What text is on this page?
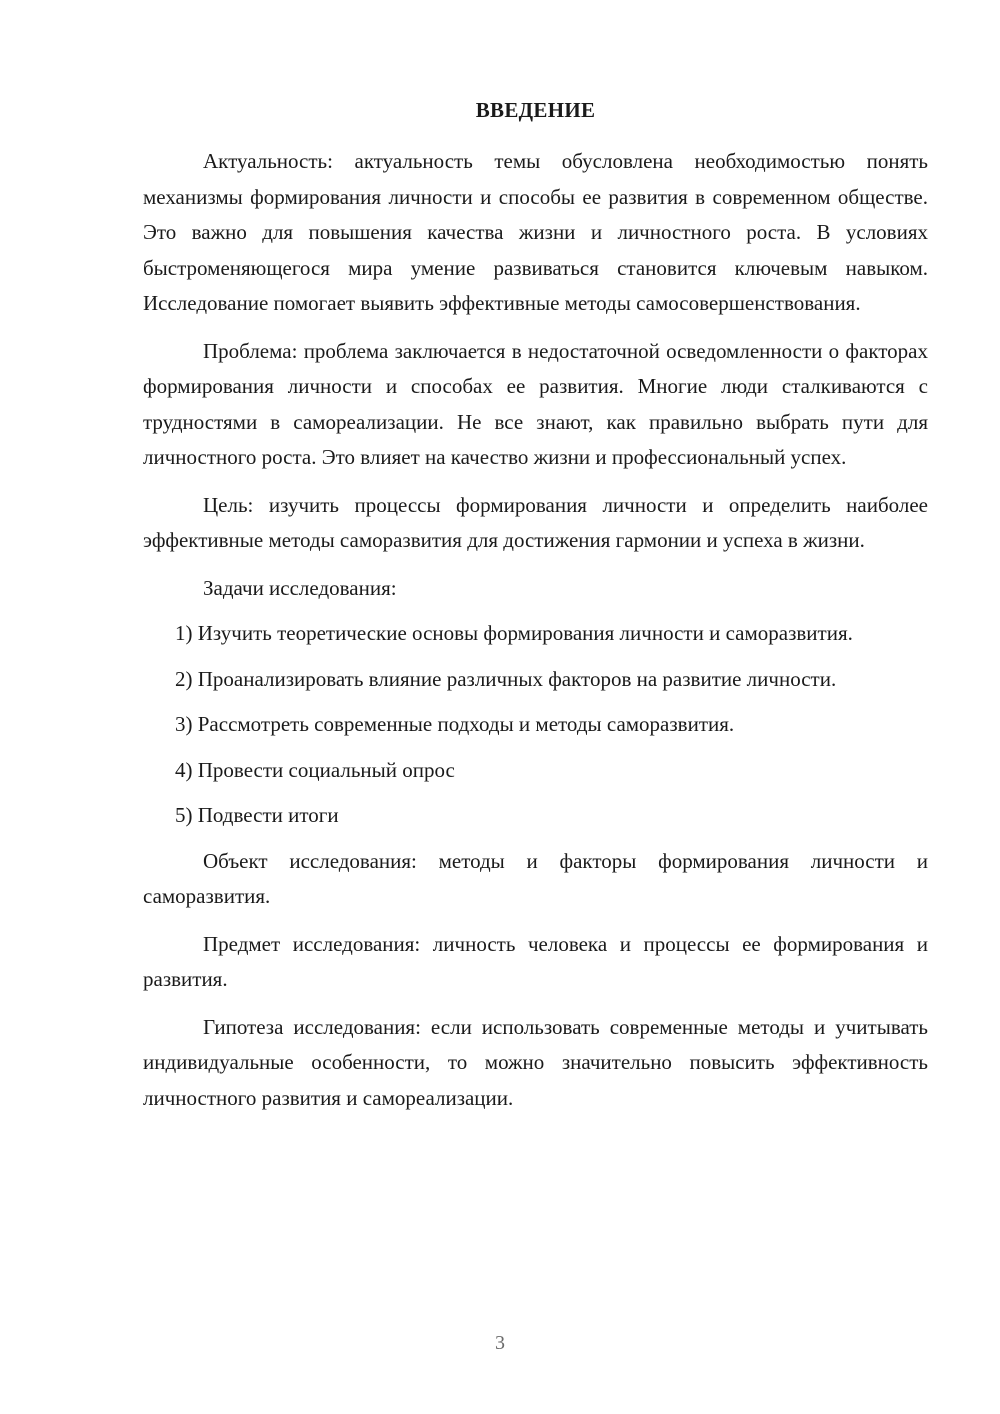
ВВЕДЕНИЕ

Актуальность: актуальность темы обусловлена необходимостью понять механизмы формирования личности и способы ее развития в современном обществе. Это важно для повышения качества жизни и личностного роста. В условиях быстроменяющегося мира умение развиваться становится ключевым навыком. Исследование помогает выявить эффективные методы самосовершенствования.

Проблема: проблема заключается в недостаточной осведомленности о факторах формирования личности и способах ее развития. Многие люди сталкиваются с трудностями в самореализации. Не все знают, как правильно выбрать пути для личностного роста. Это влияет на качество жизни и профессиональный успех.

Цель: изучить процессы формирования личности и определить наиболее эффективные методы саморазвития для достижения гармонии и успеха в жизни.

Задачи исследования:

1) Изучить теоретические основы формирования личности и саморазвития.

2) Проанализировать влияние различных факторов на развитие личности.

3) Рассмотреть современные подходы и методы саморазвития.

4) Провести социальный опрос

5) Подвести итоги

Объект исследования: методы и факторы формирования личности и саморазвития.

Предмет исследования: личность человека и процессы ее формирования и развития.

Гипотеза исследования: если использовать современные методы и учитывать индивидуальные особенности, то можно значительно повысить эффективность личностного развития и самореализации.

3
